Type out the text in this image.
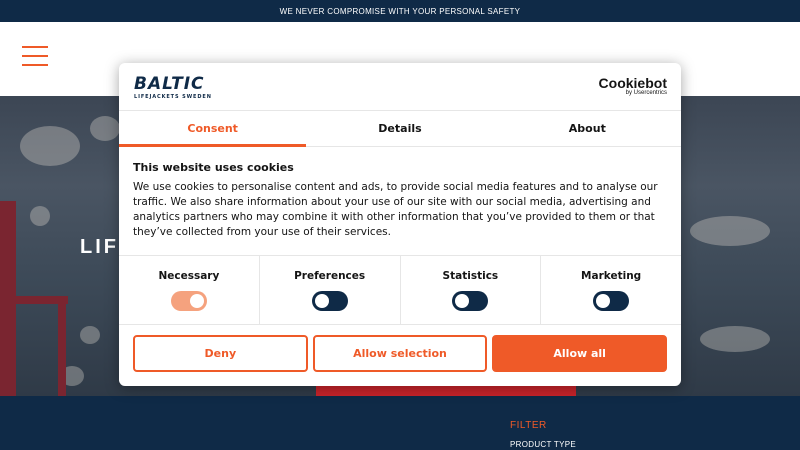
WE NEVER COMPROMISE WITH YOUR PERSONAL SAFETY
LIF
FILTER
PRODUCT TYPE
BALTIC
LIFEJACKETS SWEDEN
Cookiebot
by Usercentrics
Consent	Details	About
This website uses cookies
We use cookies to personalise content and ads, to provide social media features and to analyse our traffic. We also share information about your use of our site with our social media, advertising and analytics partners who may combine it with other information that you’ve provided to them or that they’ve collected from your use of their services.
Necessary	Preferences	Statistics	Marketing
Deny	Allow selection	Allow all
